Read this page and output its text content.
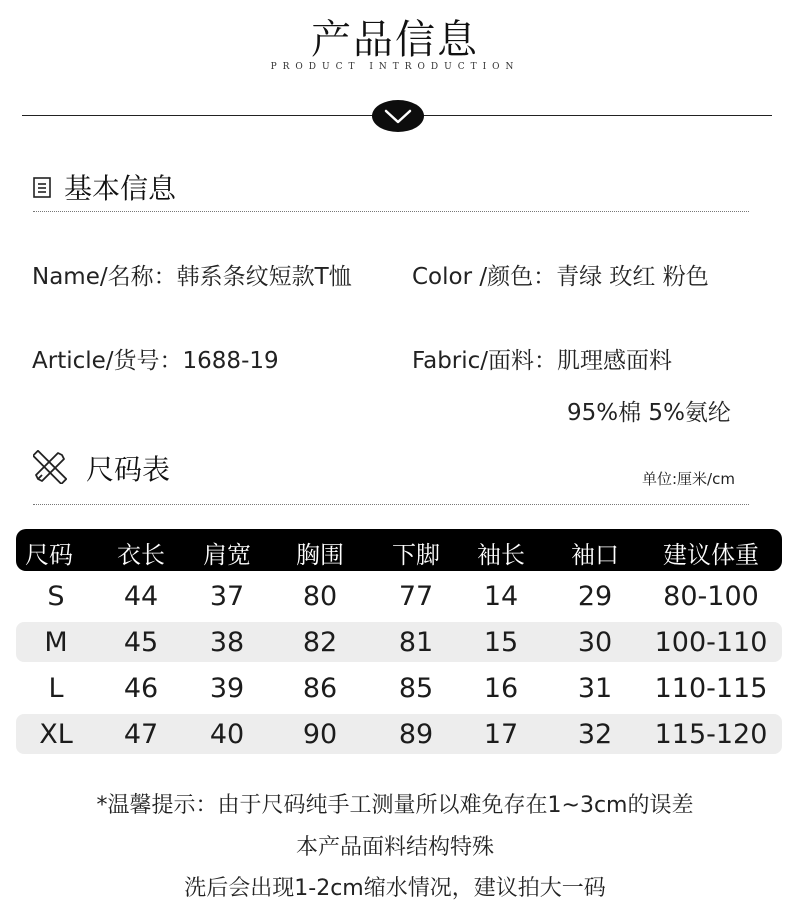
产品信息
PRODUCT INTRODUCTION
基本信息
Name/名称：韩系条纹短款T恤	Color /颜色：青绿 玫红 粉色
Article/货号：1688-19	Fabric/面料：肌理感面料
95%棉 5%氨纶
尺码表	单位:厘米/cm
尺码	衣长	肩宽	胸围	下脚	袖长	袖口	建议体重
S	44	37	80	77	14	29	80-100
M	45	38	82	81	15	30	100-110
L	46	39	86	85	16	31	110-115
XL	47	40	90	89	17	32	115-120
*温馨提示：由于尺码纯手工测量所以难免存在1~3cm的误差
本产品面料结构特殊
洗后会出现1-2cm缩水情况，建议拍大一码
